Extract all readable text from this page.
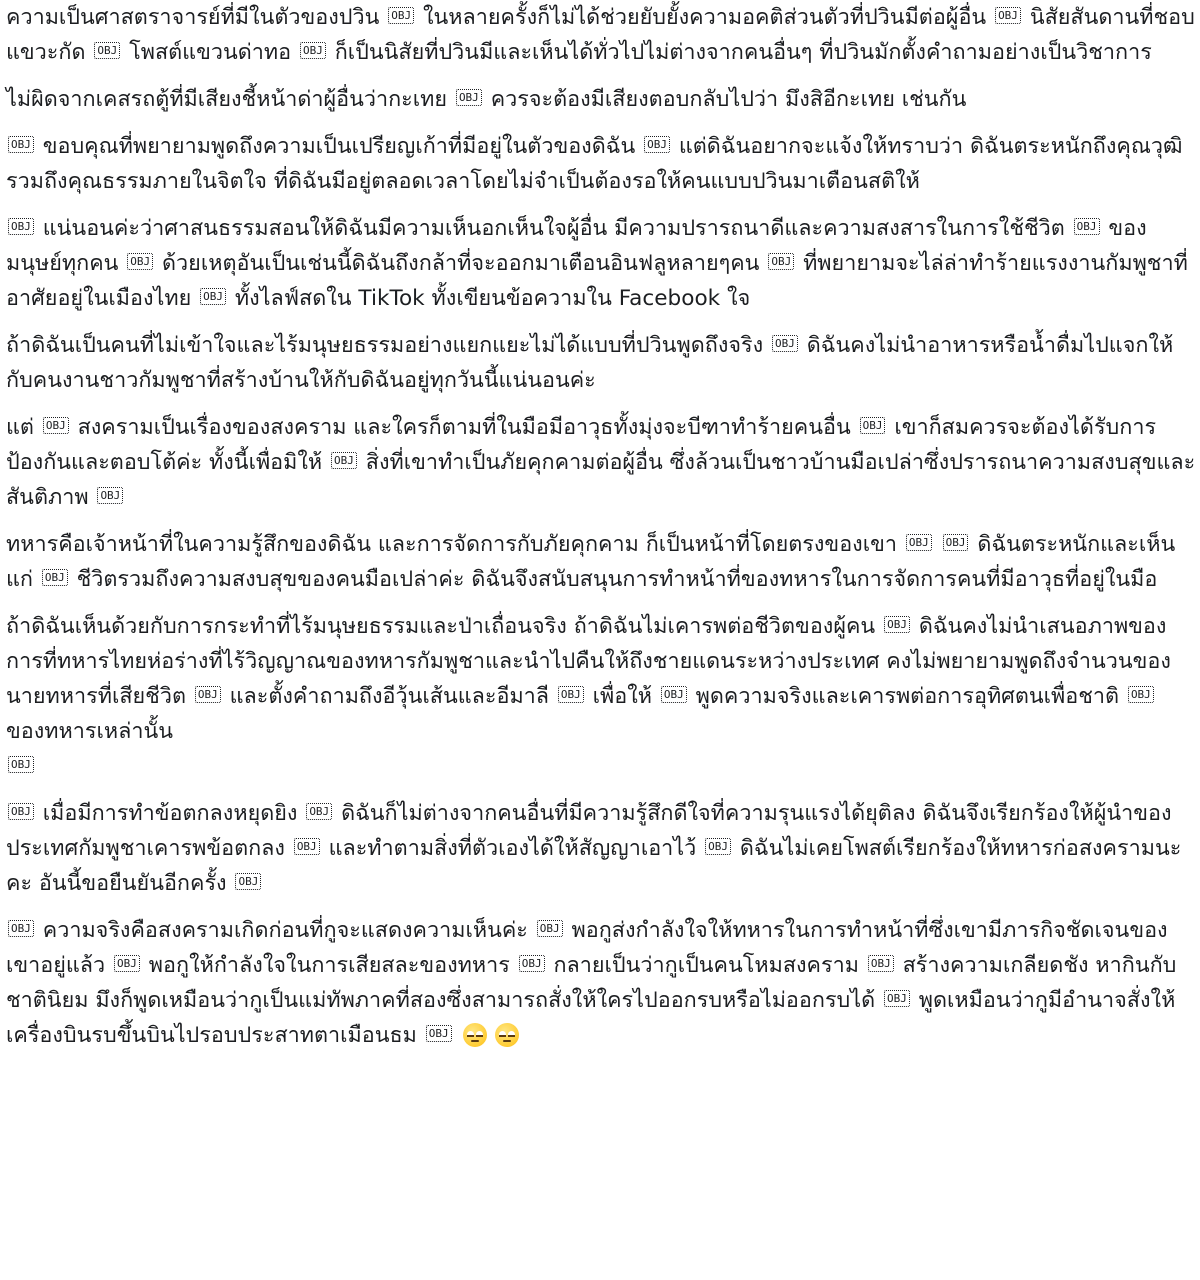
ความเป็นศาสตราจารย์ที่มีในตัวของปวิน OBJ ในหลายครั้งก็ไม่ได้ช่วยยับยั้งความอคติส่วนตัวที่ปวินมีต่อผู้อื่น OBJ นิสัยสันดานที่ชอบแขวะกัด OBJ โพสต์แขวนด่าทอ OBJ ก็เป็นนิสัยที่ปวินมีและเห็นได้ทั่วไปไม่ต่างจากคนอื่นๆ ที่ปวินมักตั้งคำถามอย่างเป็นวิชาการ
ไม่ผิดจากเคสรถตู้ที่มีเสียงชี้หน้าด่าผู้อื่นว่ากะเทย OBJ ควรจะต้องมีเสียงตอบกลับไปว่า มึงสิอีกะเทย เช่นกัน
OBJ ขอบคุณที่พยายามพูดถึงความเป็นเปรียญเก้าที่มีอยู่ในตัวของดิฉัน OBJ แต่ดิฉันอยากจะแจ้งให้ทราบว่า ดิฉันตระหนักถึงคุณวุฒิ รวมถึงคุณธรรมภายในจิตใจ ที่ดิฉันมีอยู่ตลอดเวลาโดยไม่จำเป็นต้องรอให้คนแบบปวินมาเตือนสติให้
OBJ แน่นอนค่ะว่าศาสนธรรมสอนให้ดิฉันมีความเห็นอกเห็นใจผู้อื่น มีความปรารถนาดีและความสงสารในการใช้ชีวิต OBJ ของมนุษย์ทุกคน OBJ ด้วยเหตุอันเป็นเช่นนี้ดิฉันถึงกล้าที่จะออกมาเตือนอินฟลูหลายๆคน OBJ ที่พยายามจะไล่ล่าทำร้ายแรงงานกัมพูชาที่อาศัยอยู่ในเมืองไทย OBJ ทั้งไลฟ์สดใน TikTok ทั้งเขียนข้อความใน Facebook ใจ
ถ้าดิฉันเป็นคนที่ไม่เข้าใจและไร้มนุษยธรรมอย่างแยกแยะไม่ได้แบบที่ปวินพูดถึงจริง OBJ ดิฉันคงไม่นำอาหารหรือน้ำดื่มไปแจกให้กับคนงานชาวกัมพูชาที่สร้างบ้านให้กับดิฉันอยู่ทุกวันนี้แน่นอนค่ะ
แต่ OBJ สงครามเป็นเรื่องของสงคราม และใครก็ตามที่ในมือมีอาวุธทั้งมุ่งจะบีฑาทำร้ายคนอื่น OBJ เขาก็สมควรจะต้องได้รับการป้องกันและตอบโต้ค่ะ ทั้งนี้เพื่อมิให้ OBJ สิ่งที่เขาทำเป็นภัยคุกคามต่อผู้อื่น ซึ่งล้วนเป็นชาวบ้านมือเปล่าซึ่งปรารถนาความสงบสุขและสันติภาพ OBJ
ทหารคือเจ้าหน้าที่ในความรู้สึกของดิฉัน และการจัดการกับภัยคุกคาม ก็เป็นหน้าที่โดยตรงของเขา OBJ OBJ ดิฉันตระหนักและเห็นแก่ OBJ ชีวิตรวมถึงความสงบสุขของคนมือเปล่าค่ะ ดิฉันจึงสนับสนุนการทำหน้าที่ของทหารในการจัดการคนที่มีอาวุธที่อยู่ในมือ
ถ้าดิฉันเห็นด้วยกับการกระทำที่ไร้มนุษยธรรมและป่าเถื่อนจริง ถ้าดิฉันไม่เคารพต่อชีวิตของผู้คน OBJ ดิฉันคงไม่นำเสนอภาพของการที่ทหารไทยห่อร่างที่ไร้วิญญาณของทหารกัมพูชาและนำไปคืนให้ถึงชายแดนระหว่างประเทศ คงไม่พยายามพูดถึงจำนวนของนายทหารที่เสียชีวิต OBJ และตั้งคำถามถึงอีวุ้นเส้นและอีมาลี OBJ เพื่อให้ OBJ พูดความจริงและเคารพต่อการอุทิศตนเพื่อชาติ OBJ ของทหารเหล่านั้น
OBJ
OBJ เมื่อมีการทำข้อตกลงหยุดยิง OBJ ดิฉันก็ไม่ต่างจากคนอื่นที่มีความรู้สึกดีใจที่ความรุนแรงได้ยุติลง ดิฉันจึงเรียกร้องให้ผู้นำของประเทศกัมพูชาเคารพข้อตกลง OBJ และทำตามสิ่งที่ตัวเองได้ให้สัญญาเอาไว้ OBJ ดิฉันไม่เคยโพสต์เรียกร้องให้ทหารก่อสงครามนะคะ อันนี้ขอยืนยันอีกครั้ง OBJ
OBJ ความจริงคือสงครามเกิดก่อนที่กูจะแสดงความเห็นค่ะ OBJ พอกูส่งกำลังใจให้ทหารในการทำหน้าที่ซึ่งเขามีภารกิจชัดเจนของเขาอยู่แล้ว OBJ พอกูให้กำลังใจในการเสียสละของทหาร OBJ กลายเป็นว่ากูเป็นคนโหมสงคราม OBJ สร้างความเกลียดชัง หากินกับชาตินิยม มึงก็พูดเหมือนว่ากูเป็นแม่ทัพภาคที่สองซึ่งสามารถสั่งให้ใครไปออกรบหรือไม่ออกรบได้ OBJ พูดเหมือนว่ากูมีอำนาจสั่งให้เครื่องบินรบขึ้นบินไปรอบประสาทตาเมือนธม OBJ
